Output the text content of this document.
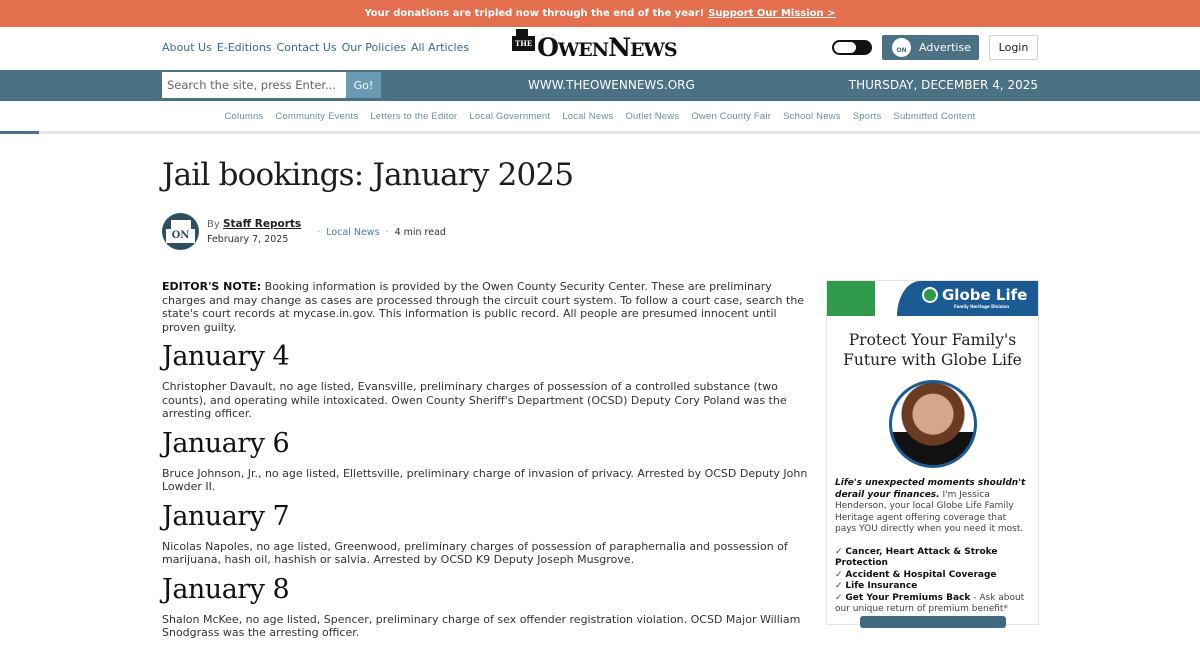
Your donations are tripled now through the end of the year! Support Our Mission >
About Us E-Editions Contact Us Our Policies All Articles	THE OWENNEWS	ON	Advertise	Login
Search the site, press Enter...
Go!	WWW.THEOWENNEWS.ORG	THURSDAY, DECEMBER 4, 2025
Columns Community Events Letters to the Editor Local Government Local News Outlet News Owen County Fair School News Sports Submitted Content
Jail bookings: January 2025
ON
By Staff Reports
February 7, 2025
· Local News · 4 min read

EDITOR'S NOTE: Booking information is provided by the Owen County Security Center. These are preliminary charges and may change as cases are processed through the circuit court system. To follow a court case, search the state's court records at mycase.in.gov. This information is public record. All people are presumed innocent until proven guilty.

January 4

Christopher Davault, no age listed, Evansville, preliminary charges of possession of a controlled substance (two counts), and operating while intoxicated. Owen County Sheriff's Department (OCSD) Deputy Cory Poland was the arresting officer.

January 6

Bruce Johnson, Jr., no age listed, Ellettsville, preliminary charge of invasion of privacy. Arrested by OCSD Deputy John Lowder II.

January 7

Nicolas Napoles, no age listed, Greenwood, preliminary charges of possession of paraphernalia and possession of marijuana, hash oil, hashish or salvia. Arrested by OCSD K9 Deputy Joseph Musgrove.

January 8

Shalon McKee, no age listed, Spencer, preliminary charge of sex offender registration violation. OCSD Major William Snodgrass was the arresting officer.

Globe Life
Family Heritage Division
Protect Your Family's
Future with Globe Life
Life's unexpected moments shouldn't derail your finances. I'm Jessica Henderson, your local Globe Life Family Heritage agent offering coverage that pays YOU directly when you need it most.
✓ Cancer, Heart Attack & Stroke Protection
✓ Accident & Hospital Coverage
✓ Life Insurance
✓ Get Your Premiums Back - Ask about our unique return of premium benefit*
